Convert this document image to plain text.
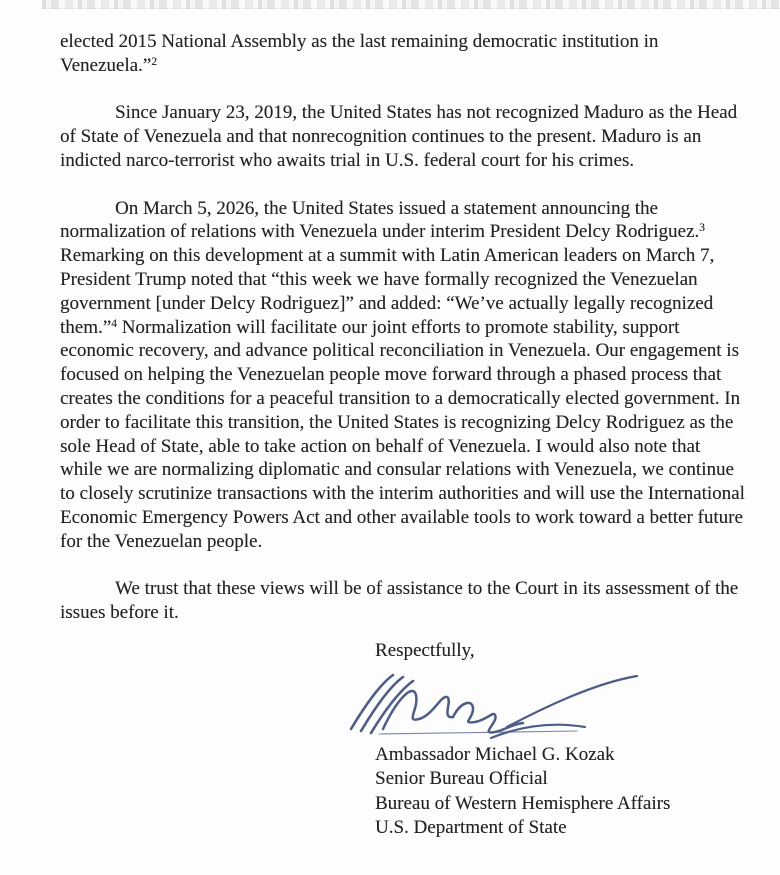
elected 2015 National Assembly as the last remaining democratic institution in Venezuela.”$^2$

Since January 23, 2019, the United States has not recognized Maduro as the Head of State of Venezuela and that nonrecognition continues to the present. Maduro is an indicted narco-terrorist who awaits trial in U.S. federal court for his crimes.

On March 5, 2026, the United States issued a statement announcing the normalization of relations with Venezuela under interim President Delcy Rodriguez.$^3$ Remarking on this development at a summit with Latin American leaders on March 7, President Trump noted that “this week we have formally recognized the Venezuelan government [under Delcy Rodriguez]” and added: “We’ve actually legally recognized them.”$^4$ Normalization will facilitate our joint efforts to promote stability, support economic recovery, and advance political reconciliation in Venezuela. Our engagement is focused on helping the Venezuelan people move forward through a phased process that creates the conditions for a peaceful transition to a democratically elected government. In order to facilitate this transition, the United States is recognizing Delcy Rodriguez as the sole Head of State, able to take action on behalf of Venezuela. I would also note that while we are normalizing diplomatic and consular relations with Venezuela, we continue to closely scrutinize transactions with the interim authorities and will use the International Economic Emergency Powers Act and other available tools to work toward a better future for the Venezuelan people.

We trust that these views will be of assistance to the Court in its assessment of the issues before it.

Respectfully,
Ambassador Michael G. Kozak
Senior Bureau Official
Bureau of Western Hemisphere Affairs
U.S. Department of State
